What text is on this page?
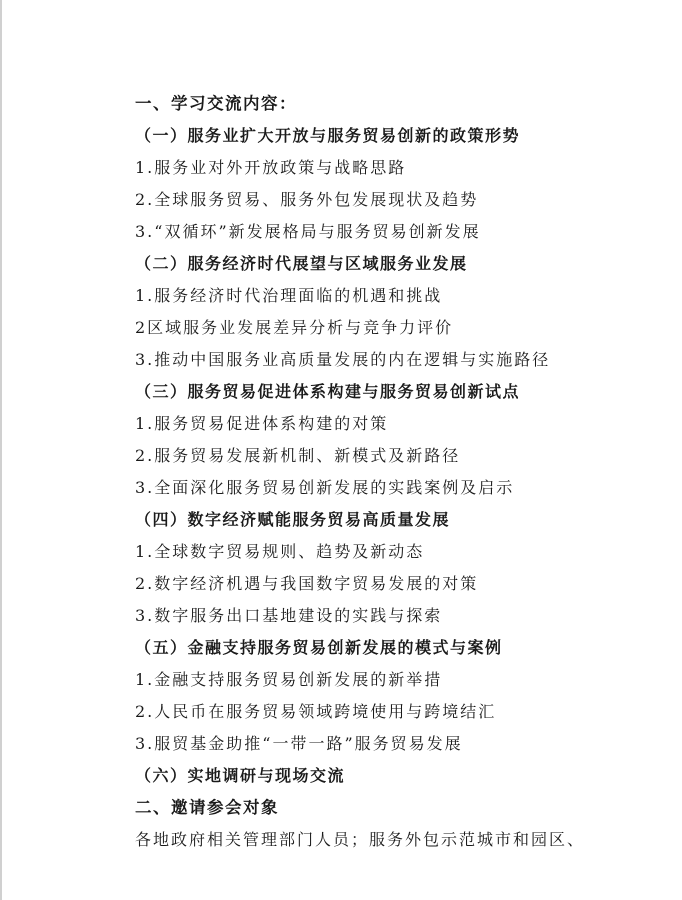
一、学习交流内容：
（一）服务业扩大开放与服务贸易创新的政策形势
1.服务业对外开放政策与战略思路
2.全球服务贸易、服务外包发展现状及趋势
3.“双循环”新发展格局与服务贸易创新发展
（二）服务经济时代展望与区域服务业发展
1.服务经济时代治理面临的机遇和挑战
2区域服务业发展差异分析与竞争力评价
3.推动中国服务业高质量发展的内在逻辑与实施路径
（三）服务贸易促进体系构建与服务贸易创新试点
1.服务贸易促进体系构建的对策
2.服务贸易发展新机制、新模式及新路径
3.全面深化服务贸易创新发展的实践案例及启示
（四）数字经济赋能服务贸易高质量发展
1.全球数字贸易规则、趋势及新动态
2.数字经济机遇与我国数字贸易发展的对策
3.数字服务出口基地建设的实践与探索
（五）金融支持服务贸易创新发展的模式与案例
1.金融支持服务贸易创新发展的新举措
2.人民币在服务贸易领域跨境使用与跨境结汇
3.服贸基金助推“一带一路”服务贸易发展
（六）实地调研与现场交流
二、邀请参会对象
各地政府相关管理部门人员；服务外包示范城市和园区、
